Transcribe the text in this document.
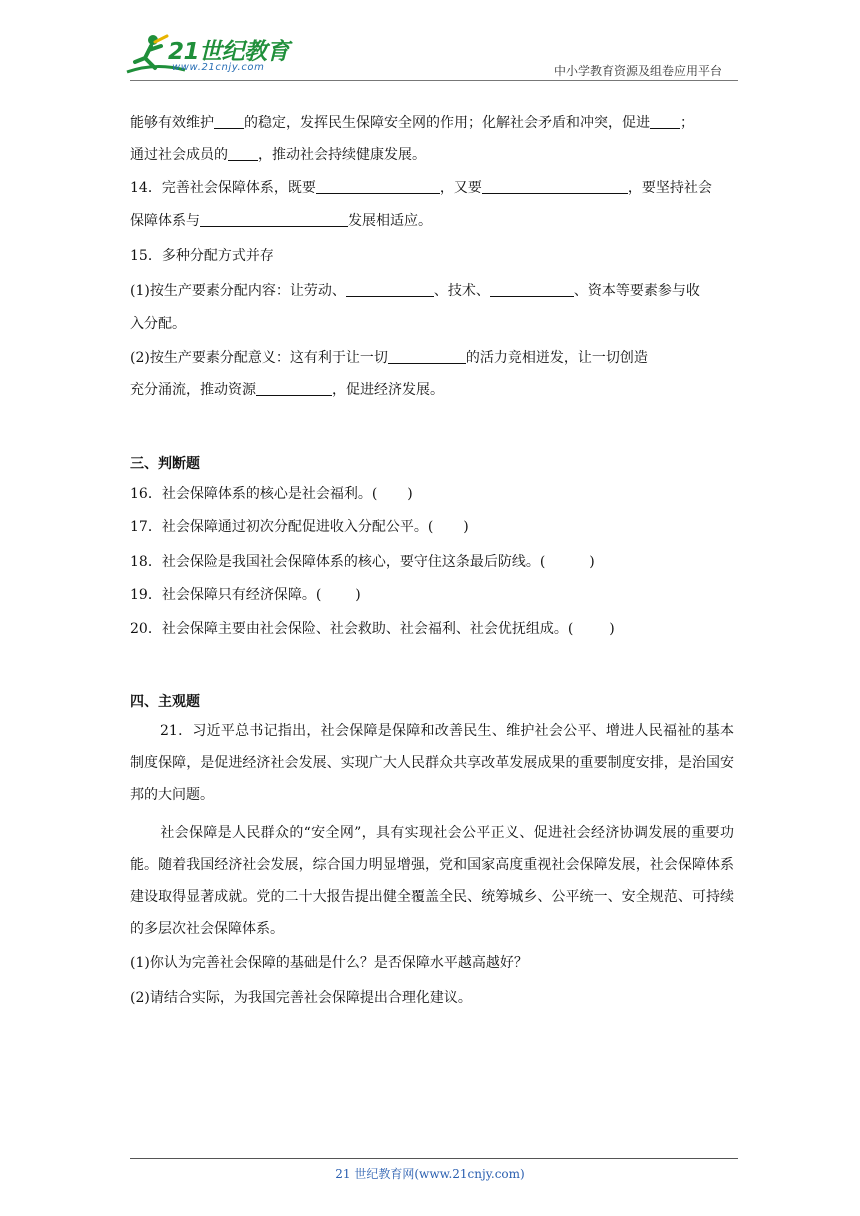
21世纪教育
www.21cnjy.com	中小学教育资源及组卷应用平台
能够有效维护 的稳定，发挥民生保障安全网的作用；化解社会矛盾和冲突，促进 ；
通过社会成员的 ，推动社会持续健康发展。
14．完善社会保障体系，既要	，又要	，要坚持社会
保障体系与	发展相适应。
15．多种分配方式并存
(1)按生产要素分配内容：让劳动、	、技术、	、资本等要素参与收
入分配。
(2)按生产要素分配意义：这有利于让一切	的活力竞相迸发，让一切创造
充分涌流，推动资源	，促进经济发展。
三、判断题
16．社会保障体系的核心是社会福利。( )
17．社会保障通过初次分配促进收入分配公平。( )
18．社会保险是我国社会保障体系的核心，要守住这条最后防线。(	)
19．社会保障只有经济保障。( )
20．社会保障主要由社会保险、社会救助、社会福利、社会优抚组成。(	)
四、主观题
21．习近平总书记指出，社会保障是保障和改善民生、维护社会公平、增进人民福祉的基本制度保障，是促进经济社会发展、实现广大人民群众共享改革发展成果的重要制度安排，是治国安邦的大问题。
社会保障是人民群众的“安全网”，具有实现社会公平正义、促进社会经济协调发展的重要功能。随着我国经济社会发展，综合国力明显增强，党和国家高度重视社会保障发展，社会保障体系建设取得显著成就。党的二十大报告提出健全覆盖全民、统筹城乡、公平统一、安全规范、可持续的多层次社会保障体系。
(1)你认为完善社会保障的基础是什么？是否保障水平越高越好？
(2)请结合实际，为我国完善社会保障提出合理化建议。
21 世纪教育网(www.21cnjy.com)
